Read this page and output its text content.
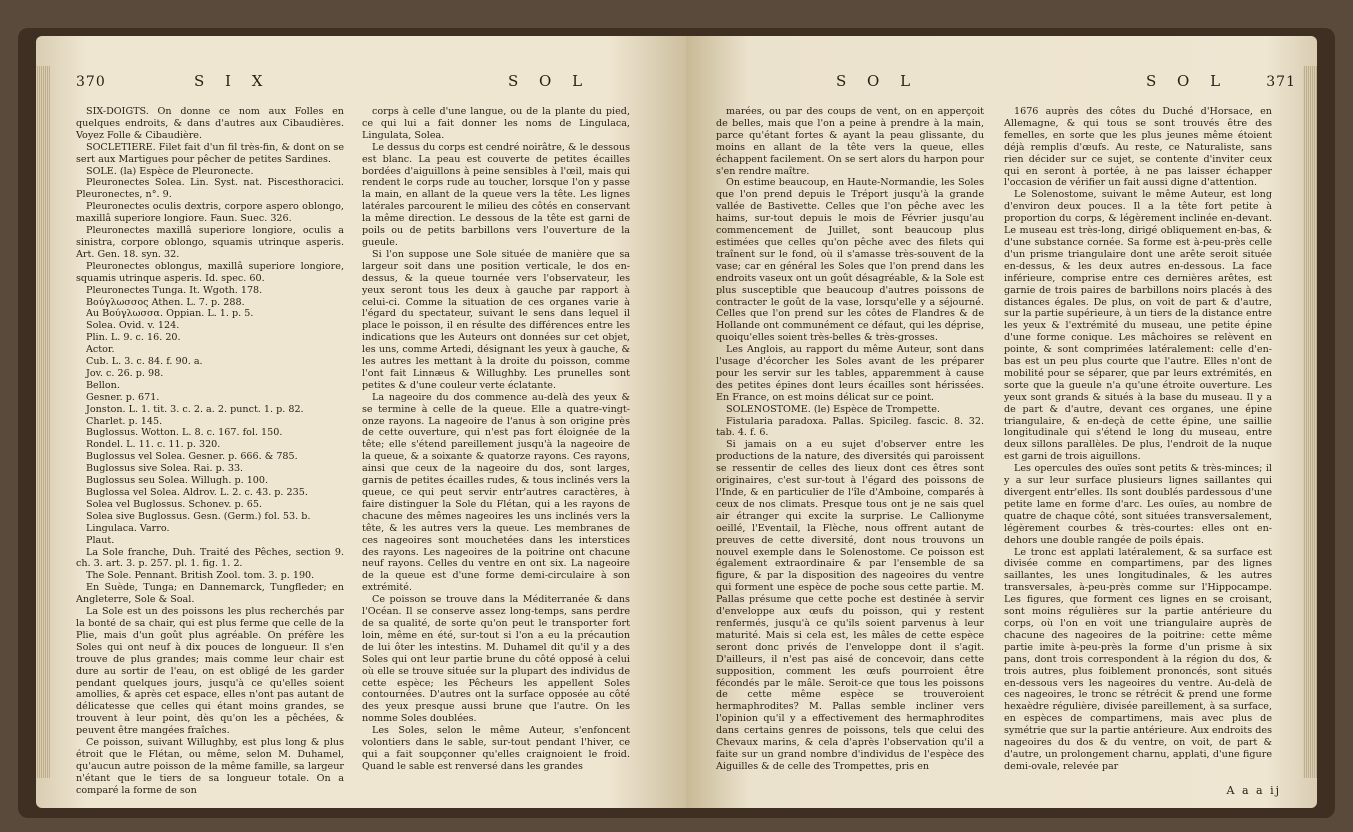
370	S I X	S O L

SIX-DOIGTS. On donne ce nom aux Folles en quelques endroits, & dans d'autres aux Cibaudières. Voyez Folle & Cibaudière.

SOCLETIERE. Filet fait d'un fil très-fin, & dont on se sert aux Martigues pour pêcher de petites Sardines.

SOLE. (la) Espèce de Pleuronecte.

Pleuronectes Solea. Lin. Syst. nat. Piscesthoracici. Pleuronectes, n°. 9.

Pleuronectes oculis dextris, corpore aspero oblongo, maxillâ superiore longiore. Faun. Suec. 326.

Pleuronectes maxillâ superiore longiore, oculis a sinistra, corpore oblongo, squamis utrinque asperis. Art. Gen. 18. syn. 32.

Pleuronectes oblongus, maxillâ superiore longiore, squamis utrinque asperis. Id. spec. 60.

Pleuronectes Tunga. It. Wgoth. 178.

Βούγλωσσος Athen. L. 7. p. 288.

Au Βούγλωσσα. Oppian. L. 1. p. 5.

Solea. Ovid. v. 124.

Plin. L. 9. c. 16. 20.

Actor.

Cub. L. 3. c. 84. f. 90. a.

Jov. c. 26. p. 98.

Bellon.

Gesner. p. 671.

Jonston. L. 1. tit. 3. c. 2. a. 2. punct. 1. p. 82.

Charlet. p. 145.

Buglossus. Wotton. L. 8. c. 167. fol. 150.

Rondel. L. 11. c. 11. p. 320.

Buglossus vel Solea. Gesner. p. 666. & 785.

Buglossus sive Solea. Rai. p. 33.

Buglossus seu Solea. Willugh. p. 100.

Buglossa vel Solea. Aldrov. L. 2. c. 43. p. 235.

Solea vel Buglossus. Schonev. p. 65.

Solea sive Buglossus. Gesn. (Germ.) fol. 53. b.

Lingulaca. Varro.

Plaut.

La Sole franche, Duh. Traité des Pêches, section 9. ch. 3. art. 3. p. 257. pl. 1. fig. 1. 2.

The Sole. Pennant. British Zool. tom. 3. p. 190.

En Suède, Tunga; en Dannemarck, Tungfleder; en Angleterre, Sole & Soal.

La Sole est un des poissons les plus recherchés par la bonté de sa chair, qui est plus ferme que celle de la Plie, mais d'un goût plus agréable. On préfère les Soles qui ont neuf à dix pouces de longueur. Il s'en trouve de plus grandes; mais comme leur chair est dure au sortir de l'eau, on est obligé de les garder pendant quelques jours, jusqu'à ce qu'elles soient amollies, & après cet espace, elles n'ont pas autant de délicatesse que celles qui étant moins grandes, se trouvent à leur point, dès qu'on les a pêchées, & peuvent être mangées fraîches.

Ce poisson, suivant Willughby, est plus long & plus étroit que le Flétan, ou même, selon M. Duhamel, qu'aucun autre poisson de la même famille, sa largeur n'étant que le tiers de sa longueur totale. On a comparé la forme de son

corps à celle d'une langue, ou de la plante du pied, ce qui lui a fait donner les noms de Lingulaca, Lingulata, Solea.

Le dessus du corps est cendré noirâtre, & le dessous est blanc. La peau est couverte de petites écailles bordées d'aiguillons à peine sensibles à l'œil, mais qui rendent le corps rude au toucher, lorsque l'on y passe la main, en allant de la queue vers la tête. Les lignes latérales parcourent le milieu des côtés en conservant la même direction. Le dessous de la tête est garni de poils ou de petits barbillons vers l'ouverture de la gueule.

Si l'on suppose une Sole située de manière que sa largeur soit dans une position verticale, le dos en-dessus, & la queue tournée vers l'observateur, les yeux seront tous les deux à gauche par rapport à celui-ci. Comme la situation de ces organes varie à l'égard du spectateur, suivant le sens dans lequel il place le poisson, il en résulte des différences entre les indications que les Auteurs ont données sur cet objet, les uns, comme Artedi, désignant les yeux à gauche, & les autres les mettant à la droite du poisson, comme l'ont fait Linnæus & Willughby. Les prunelles sont petites & d'une couleur verte éclatante.

La nageoire du dos commence au-delà des yeux & se termine à celle de la queue. Elle a quatre-vingt-onze rayons. La nageoire de l'anus à son origine près de cette ouverture, qui n'est pas fort éloignée de la tête; elle s'étend pareillement jusqu'à la nageoire de la queue, & a soixante & quatorze rayons. Ces rayons, ainsi que ceux de la nageoire du dos, sont larges, garnis de petites écailles rudes, & tous inclinés vers la queue, ce qui peut servir entr'autres caractères, à faire distinguer la Sole du Flétan, qui a les rayons de chacune des mêmes nageoires les uns inclinés vers la tête, & les autres vers la queue. Les membranes de ces nageoires sont mouchetées dans les interstices des rayons. Les nageoires de la poitrine ont chacune neuf rayons. Celles du ventre en ont six. La nageoire de la queue est d'une forme demi-circulaire à son extrémité.

Ce poisson se trouve dans la Méditerranée & dans l'Océan. Il se conserve assez long-temps, sans perdre de sa qualité, de sorte qu'on peut le transporter fort loin, même en été, sur-tout si l'on a eu la précaution de lui ôter les intestins. M. Duhamel dit qu'il y a des Soles qui ont leur partie brune du côté opposé à celui où elle se trouve située sur la plupart des individus de cette espèce; les Pêcheurs les appellent Soles contournées. D'autres ont la surface opposée au côté des yeux presque aussi brune que l'autre. On les nomme Soles doublées.

Les Soles, selon le même Auteur, s'enfoncent volontiers dans le sable, sur-tout pendant l'hiver, ce qui a fait soupçonner qu'elles craignoient le froid. Quand le sable est renversé dans les grandes

S O L	S O L	371

marées, ou par des coups de vent, on en apperçoit de belles, mais que l'on a peine à prendre à la main, parce qu'étant fortes & ayant la peau glissante, du moins en allant de la tête vers la queue, elles échappent facilement. On se sert alors du harpon pour s'en rendre maître.

On estime beaucoup, en Haute-Normandie, les Soles que l'on prend depuis le Tréport jusqu'à la grande vallée de Bastivette. Celles que l'on pêche avec les haims, sur-tout depuis le mois de Février jusqu'au commencement de Juillet, sont beaucoup plus estimées que celles qu'on pêche avec des filets qui traînent sur le fond, où il s'amasse très-souvent de la vase; car en général les Soles que l'on prend dans les endroits vaseux ont un goût désagréable, & la Sole est plus susceptible que beaucoup d'autres poissons de contracter le goût de la vase, lorsqu'elle y a séjourné. Celles que l'on prend sur les côtes de Flandres & de Hollande ont communément ce défaut, qui les déprise, quoiqu'elles soient très-belles & très-grosses.

Les Anglois, au rapport du même Auteur, sont dans l'usage d'écorcher les Soles avant de les préparer pour les servir sur les tables, apparemment à cause des petites épines dont leurs écailles sont hérissées. En France, on est moins délicat sur ce point.

SOLENOSTOME. (le) Espèce de Trompette.

Fistularia paradoxa. Pallas. Spicileg. fascic. 8. 32. tab. 4. f. 6.

Si jamais on a eu sujet d'observer entre les productions de la nature, des diversités qui paroissent se ressentir de celles des lieux dont ces êtres sont originaires, c'est sur-tout à l'égard des poissons de l'Inde, & en particulier de l'île d'Amboine, comparés à ceux de nos climats. Presque tous ont je ne sais quel air étranger qui excite la surprise. Le Callionyme oeillé, l'Eventail, la Flèche, nous offrent autant de preuves de cette diversité, dont nous trouvons un nouvel exemple dans le Solenostome. Ce poisson est également extraordinaire & par l'ensemble de sa figure, & par la disposition des nageoires du ventre qui forment une espèce de poche sous cette partie. M. Pallas présume que cette poche est destinée à servir d'enveloppe aux œufs du poisson, qui y restent renfermés, jusqu'à ce qu'ils soient parvenus à leur maturité. Mais si cela est, les mâles de cette espèce seront donc privés de l'enveloppe dont il s'agit. D'ailleurs, il n'est pas aisé de concevoir, dans cette supposition, comment les œufs pourroient être fécondés par le mâle. Seroit-ce que tous les poissons de cette même espèce se trouveroient hermaphrodites? M. Pallas semble incliner vers l'opinion qu'il y a effectivement des hermaphrodites dans certains genres de poissons, tels que celui des Chevaux marins, & cela d'après l'observation qu'il a faite sur un grand nombre d'individus de l'espèce des Aiguilles & de celle des Trompettes, pris en

1676 auprès des côtes du Duché d'Horsace, en Allemagne, & qui tous se sont trouvés être des femelles, en sorte que les plus jeunes même étoient déjà remplis d'œufs. Au reste, ce Naturaliste, sans rien décider sur ce sujet, se contente d'inviter ceux qui en seront à portée, à ne pas laisser échapper l'occasion de vérifier un fait aussi digne d'attention.

Le Solenostome, suivant le même Auteur, est long d'environ deux pouces. Il a la tête fort petite à proportion du corps, & légèrement inclinée en-devant. Le museau est très-long, dirigé obliquement en-bas, & d'une substance cornée. Sa forme est à-peu-près celle d'un prisme triangulaire dont une arête seroit située en-dessus, & les deux autres en-dessous. La face inférieure, comprise entre ces dernières arêtes, est garnie de trois paires de barbillons noirs placés à des distances égales. De plus, on voit de part & d'autre, sur la partie supérieure, à un tiers de la distance entre les yeux & l'extrémité du museau, une petite épine d'une forme conique. Les mâchoires se relèvent en pointe, & sont comprimées latéralement: celle d'en-bas est un peu plus courte que l'autre. Elles n'ont de mobilité pour se séparer, que par leurs extrémités, en sorte que la gueule n'a qu'une étroite ouverture. Les yeux sont grands & situés à la base du museau. Il y a de part & d'autre, devant ces organes, une épine triangulaire, & en-deçà de cette épine, une saillie longitudinale qui s'étend le long du museau, entre deux sillons parallèles. De plus, l'endroit de la nuque est garni de trois aiguillons.

Les opercules des ouïes sont petits & très-minces; il y a sur leur surface plusieurs lignes saillantes qui divergent entr'elles. Ils sont doublés pardessous d'une petite lame en forme d'arc. Les ouïes, au nombre de quatre de chaque côté, sont situées transversalement, légèrement courbes & très-courtes: elles ont en-dehors une double rangée de poils épais.

Le tronc est applati latéralement, & sa surface est divisée comme en compartimens, par des lignes saillantes, les unes longitudinales, & les autres transversales, à-peu-près comme sur l'Hippocampe. Les figures, que forment ces lignes en se croisant, sont moins régulières sur la partie antérieure du corps, où l'on en voit une triangulaire auprès de chacune des nageoires de la poitrine: cette même partie imite à-peu-près la forme d'un prisme à six pans, dont trois correspondent à la région du dos, & trois autres, plus foiblement prononcés, sont situés en-dessous vers les nageoires du ventre. Au-delà de ces nageoires, le tronc se rétrécit & prend une forme hexaèdre régulière, divisée pareillement, à sa surface, en espèces de compartimens, mais avec plus de symétrie que sur la partie antérieure. Aux endroits des nageoires du dos & du ventre, on voit, de part & d'autre, un prolongement charnu, applati, d'une figure demi-ovale, relevée par

A a a ij
